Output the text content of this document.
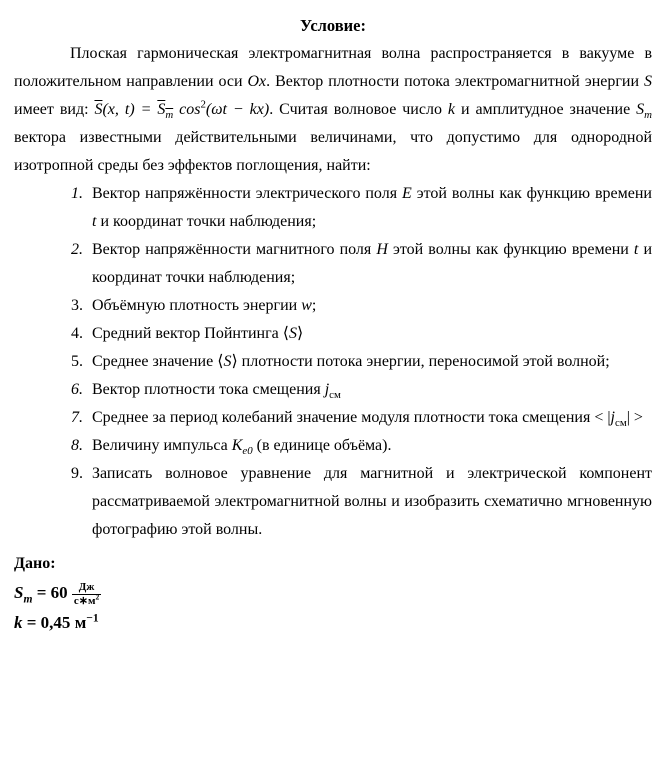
Условие:

Плоская гармоническая электромагнитная волна распространяется в вакууме в положительном направлении оси Ox. Вектор плотности потока электромагнитной энергии S имеет вид: $\overline{S}(x$, $t) = S_m$ $\cos^2(\omega t - kx)$. Считая волновое число k и амплитудное значение $S_m$ вектора известными действительными величинами, что допустимо для однородной изотропной среды без эффектов поглощения, найти:

1. Вектор напряжённости электрического поля E этой волны как функцию времени t и координат точки наблюдения;
2. Вектор напряжённости магнитного поля H этой волны как функцию времени t и координат точки наблюдения;
3. Объёмную плотность энергии w;
4. Средний вектор Пойнтинга ⟨S⟩
5. Среднее значение ⟨S⟩ плотности потока энергии, переносимой этой волной;
6. Вектор плотности тока смещения $j_{см}$
7. Среднее за период колебаний значение модуля плотности тока смещения < $|j_{см}|$ >
8. Величину импульса $K_{е0}$ (в единице объёма).
9. Записать волновое уравнение для магнитной и электрической компонент рассматриваемой электромагнитной волны и изобразить схематично мгновенную фотографию этой волны.

Дано:

$S_m = 60 \frac{Дж}{с∗м^2}$
k = 0,45 $м^{-1}$
